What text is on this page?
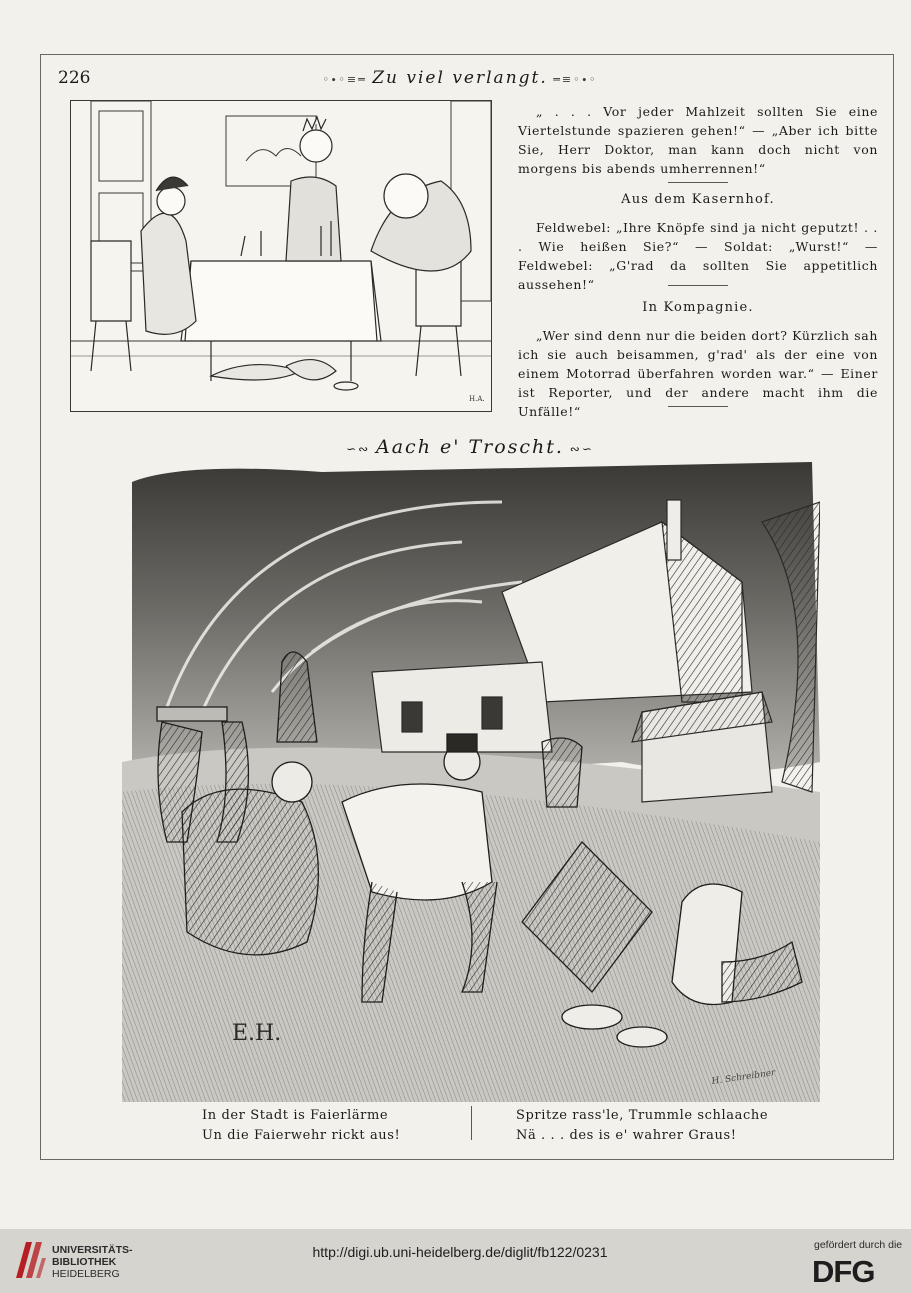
226	◦∙◦≡═ Zu viel verlangt. ═≡◦∙◦
H.A.

„ . . . Vor jeder Mahlzeit sollten Sie eine Viertelstunde spazieren gehen!“ — „Aber ich bitte Sie, Herr Doktor, man kann doch nicht von morgens bis abends umherrennen!“

Aus dem Kasernhof.

Feldwebel: „Ihre Knöpfe sind ja nicht geputzt! . . . Wie heißen Sie?“ — Soldat: „Wurst!“ — Feldwebel: „G'rad da sollten Sie appetitlich aussehen!“

In Kompagnie.

„Wer sind denn nur die beiden dort? Kürzlich sah ich sie auch beisammen, g'rad' als der eine von einem Motorrad überfahren worden war.“ — Einer ist Reporter, und der andere macht ihm die Unfälle!“

∽∾ Aach e' Troscht. ∾∽
E.H.
H. Schreibner
In der Stadt is Faierlärme
Un die Faierwehr rickt aus!
Spritze rass'le, Trummle schlaache
Nä . . . des is e' wahrer Graus!
UNIVERSITÄTS-
BIBLIOTHEK
HEIDELBERG
http://digi.ub.uni-heidelberg.de/diglit/fb122/0231	gefördert durch die
DFG
